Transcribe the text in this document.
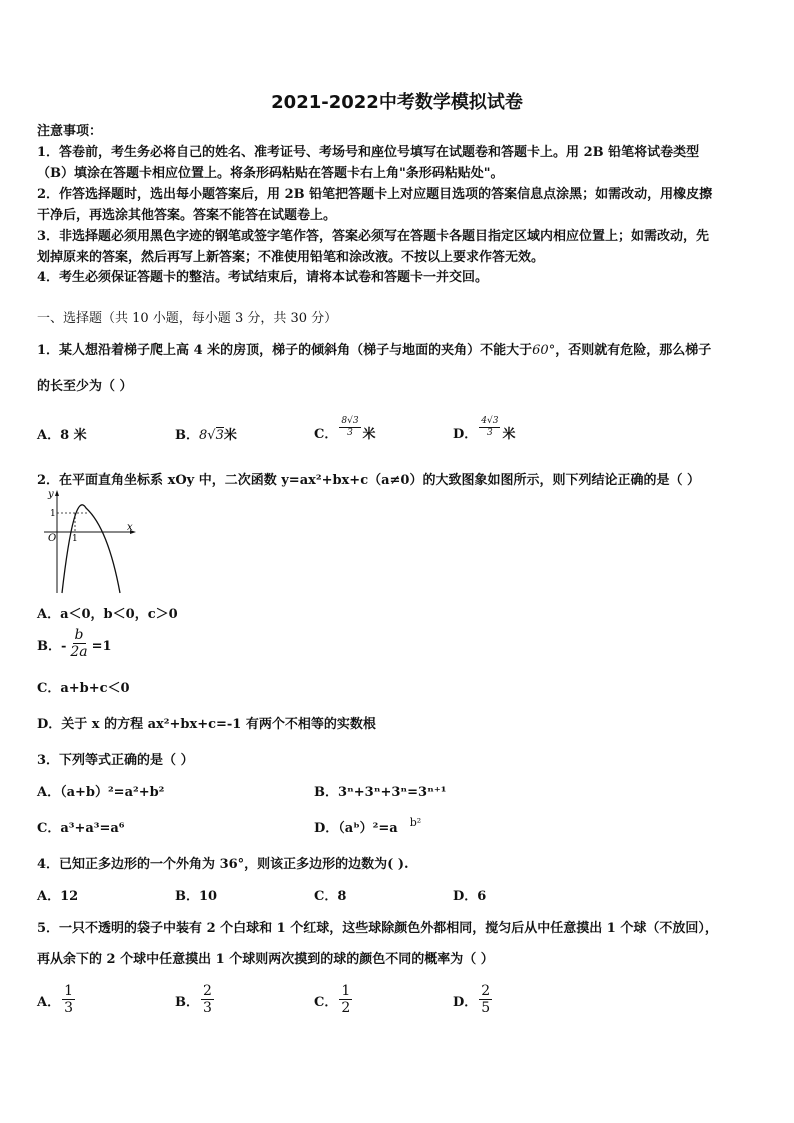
2021-2022中考数学模拟试卷
注意事项：
1．答卷前，考生务必将自己的姓名、准考证号、考场号和座位号填写在试题卷和答题卡上。用 2B 铅笔将试卷类型
（B）填涂在答题卡相应位置上。将条形码粘贴在答题卡右上角"条形码粘贴处"。
2．作答选择题时，选出每小题答案后，用 2B 铅笔把答题卡上对应题目选项的答案信息点涂黑；如需改动，用橡皮擦
干净后，再选涂其他答案。答案不能答在试题卷上。
3．非选择题必须用黑色字迹的钢笔或签字笔作答，答案必须写在答题卡各题目指定区域内相应位置上；如需改动，先
划掉原来的答案，然后再写上新答案；不准使用铅笔和涂改液。不按以上要求作答无效。
4．考生必须保证答题卡的整洁。考试结束后，请将本试卷和答题卡一并交回。
一、选择题（共 10 小题，每小题 3 分，共 30 分）
1．某人想沿着梯子爬上高 4 米的房顶，梯子的倾斜角（梯子与地面的夹角）不能大于60°，否则就有危险，那么梯子
的长至少为（ ）
A．8 米	B．8√3米	C． $\frac{8√3}{3}$ 米	D． $\frac{4√3}{3}$ 米
2．在平面直角坐标系 xOy 中，二次函数 y=ax²+bx+c（a≠0）的大致图象如图所示，则下列结论正确的是（ ）
y
x
O
1
1
A．a＜0，b＜0，c＞0
B．- $\frac{b}{2a} =1$
C．a+b+c＜0
D．关于 x 的方程 ax²+bx+c=-1 有两个不相等的实数根
3．下列等式正确的是（ ）
A．（a+b）²=a²+b²	B．3ⁿ+3ⁿ+3ⁿ=3ⁿ⁺¹
C．a³+a³=a⁶	D．（aᵇ）²=a $^{b^2}$
4．已知正多边形的一个外角为 36°，则该正多边形的边数为( ).
A．12	B．10	C．8	D．6
5．一只不透明的袋子中装有 2 个白球和 1 个红球，这些球除颜色外都相同，搅匀后从中任意摸出 1 个球（不放回），
再从余下的 2 个球中任意摸出 1 个球则两次摸到的球的颜色不同的概率为（ ）
A． $\frac{1}{3}$	B． $\frac{2}{3}$	C． $\frac{1}{2}$	D． $\frac{2}{5}$
